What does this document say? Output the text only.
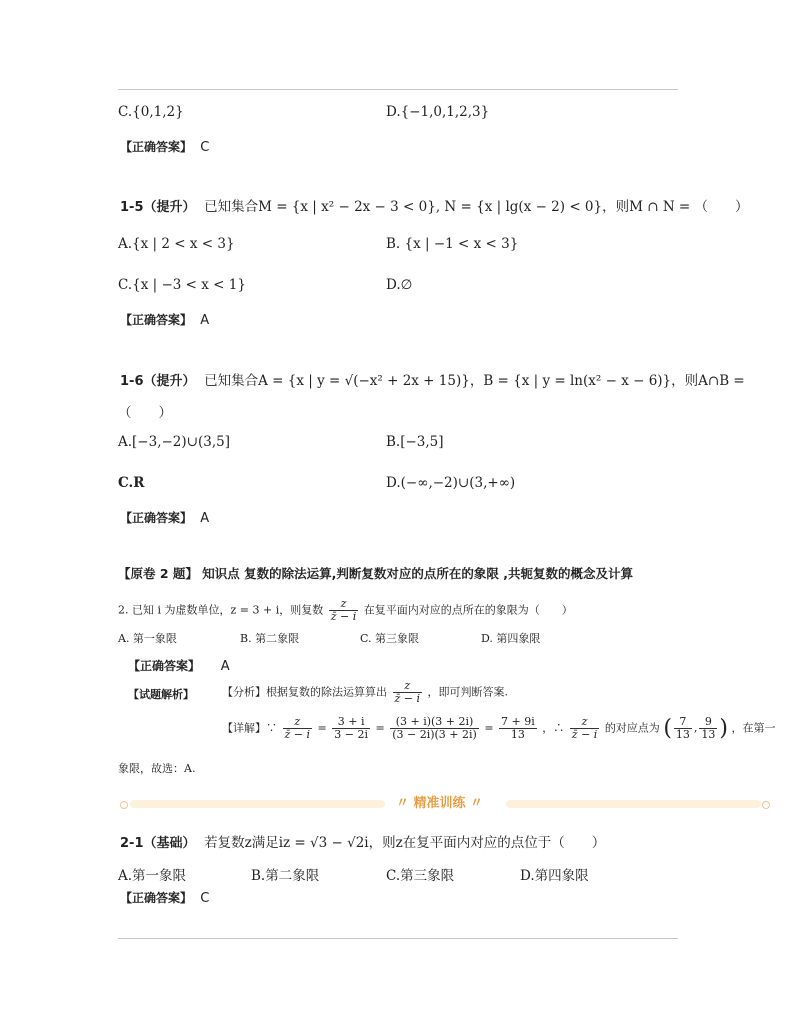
C.{0,1,2}	D.{−1,0,1,2,3}
【正确答案】 C
1-5（提升） 已知集合M = {x | x² − 2x − 3 < 0}, N = {x | lg(x − 2) < 0}，则M ∩ N = （　　）
A.{x | 2 < x < 3}	B. {x | −1 < x < 3}
C.{x | −3 < x < 1}	D.∅
【正确答案】 A
1-6（提升） 已知集合A = {x | y = √(−x² + 2x + 15)}，B = {x | y = ln(x² − x − 6)}，则A∩B =
（　　）
A.[−3,−2)∪(3,5]	B.[−3,5]
C.R	D.(−∞,−2)∪(3,+∞)
【正确答案】 A
【原卷 2 题】 知识点 复数的除法运算,判断复数对应的点所在的象限 ,共轭复数的概念及计算
2. 已知 i 为虚数单位，z = 3 + i，则复数 $\frac{z}{z̄ - i}$ 在复平面内对应的点所在的象限为（　　）
A. 第一象限	B. 第二象限	C. 第三象限	D. 第四象限
【正确答案】 A
【试题解析】	【分析】根据复数的除法运算算出 $\frac{z}{z̄ - i}$ ，即可判断答案.
【详解】∵ $\frac{z}{z̄ - i} = \frac{3 + i}{3 - 2i} = \frac{(3 + i)(3 + 2i)}{(3 - 2i)(3 + 2i)} = \frac{7 + 9i}{13}$ ，∴ $\frac{z}{z̄ - i}$ 的对应点为 ( $\frac{7}{13}$ , $\frac{9}{13}$ ) ，在第一
象限，故选：A.
〃 精准训练 〃
2-1（基础） 若复数z满足iz = √3 − √2i，则z在复平面内对应的点位于（　　）
A.第一象限	B.第二象限	C.第三象限	D.第四象限
【正确答案】 C
